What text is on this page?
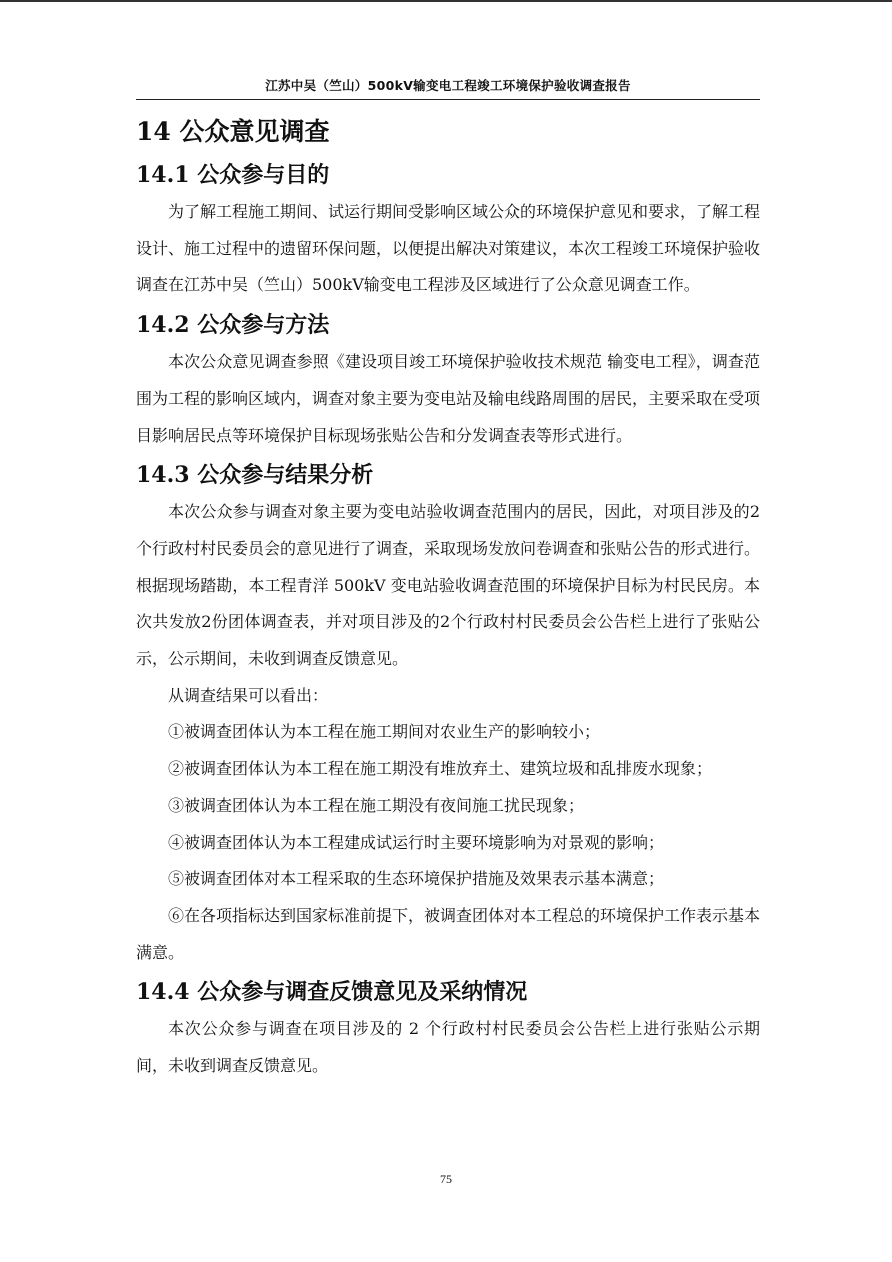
江苏中吴（竺山）500kV输变电工程竣工环境保护验收调查报告
14 公众意见调查
14.1 公众参与目的

为了解工程施工期间、试运行期间受影响区域公众的环境保护意见和要求，了解工程设计、施工过程中的遗留环保问题，以便提出解决对策建议，本次工程竣工环境保护验收调查在江苏中吴（竺山）500kV输变电工程涉及区域进行了公众意见调查工作。

14.2 公众参与方法

本次公众意见调查参照《建设项目竣工环境保护验收技术规范 输变电工程》，调查范围为工程的影响区域内，调查对象主要为变电站及输电线路周围的居民，主要采取在受项目影响居民点等环境保护目标现场张贴公告和分发调查表等形式进行。

14.3 公众参与结果分析

本次公众参与调查对象主要为变电站验收调查范围内的居民，因此，对项目涉及的2个行政村村民委员会的意见进行了调查，采取现场发放问卷调查和张贴公告的形式进行。根据现场踏勘，本工程青洋 500kV 变电站验收调查范围的环境保护目标为村民民房。本次共发放2份团体调查表，并对项目涉及的2个行政村村民委员会公告栏上进行了张贴公示，公示期间，未收到调查反馈意见。

从调查结果可以看出：

①被调查团体认为本工程在施工期间对农业生产的影响较小；

②被调查团体认为本工程在施工期没有堆放弃土、建筑垃圾和乱排废水现象；

③被调查团体认为本工程在施工期没有夜间施工扰民现象；

④被调查团体认为本工程建成试运行时主要环境影响为对景观的影响；

⑤被调查团体对本工程采取的生态环境保护措施及效果表示基本满意；

⑥在各项指标达到国家标准前提下，被调查团体对本工程总的环境保护工作表示基本满意。

14.4 公众参与调查反馈意见及采纳情况

本次公众参与调查在项目涉及的 2 个行政村村民委员会公告栏上进行张贴公示期间，未收到调查反馈意见。

75
